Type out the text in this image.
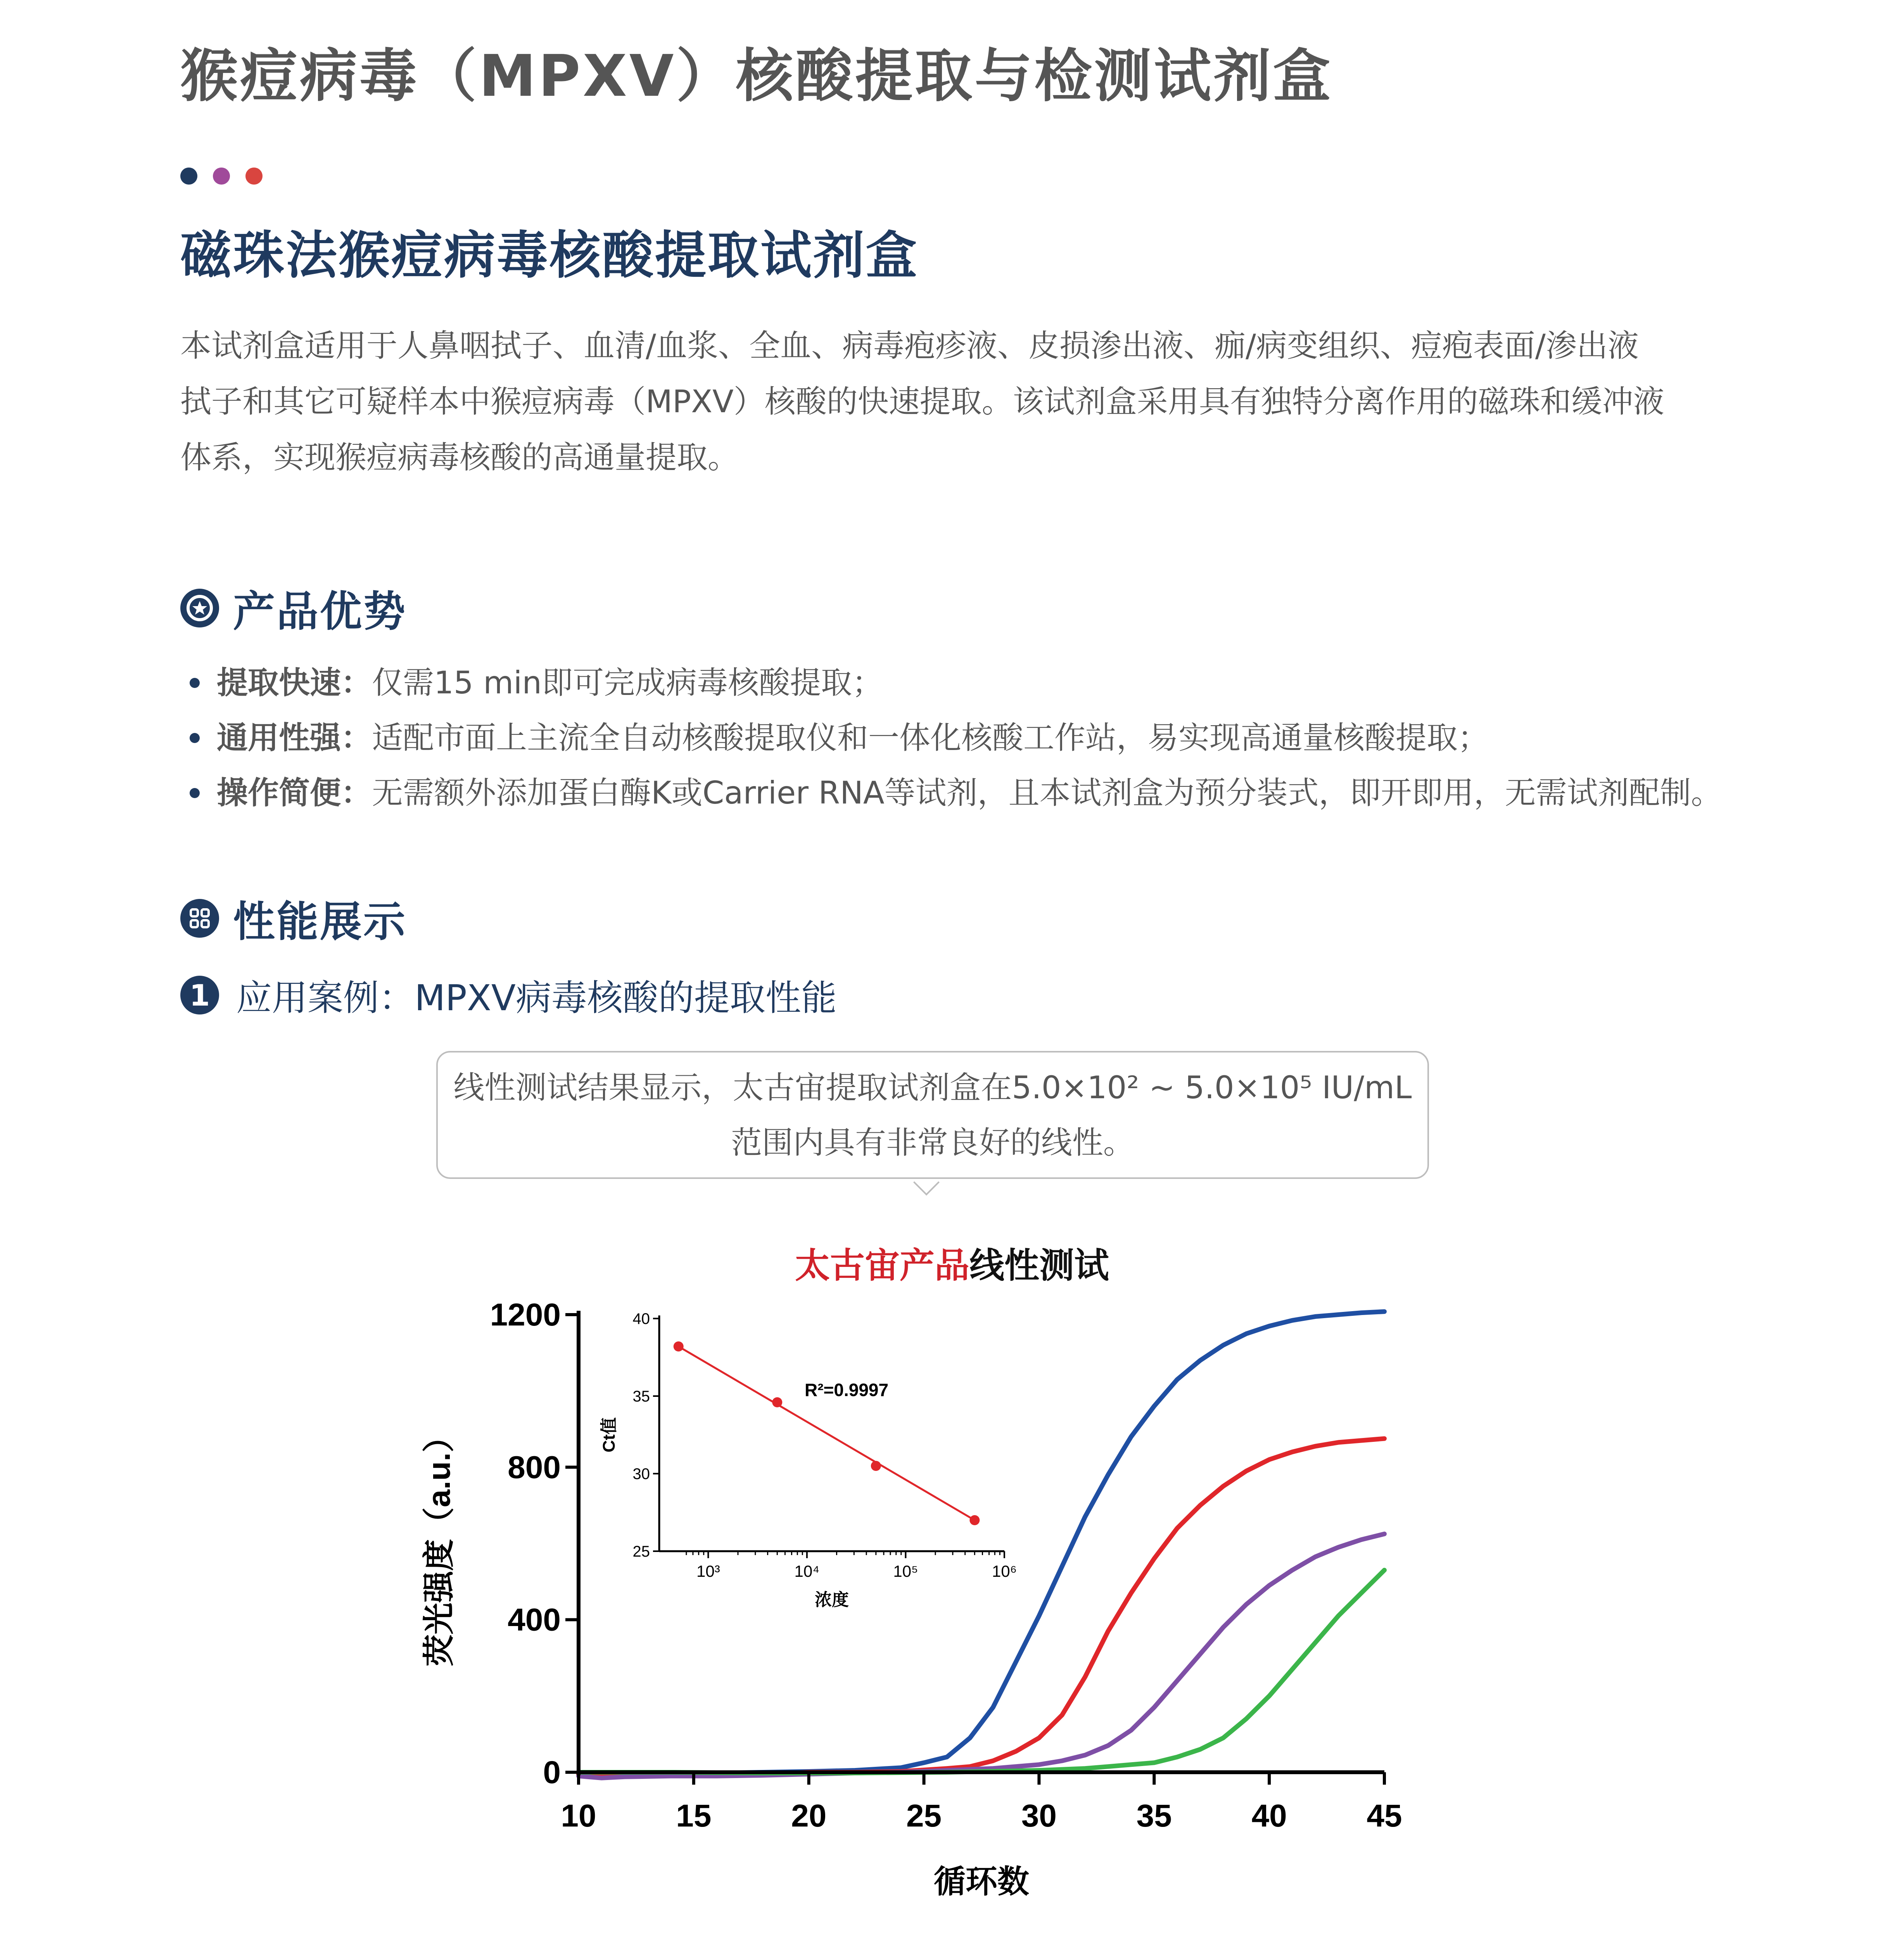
猴痘病毒（MPXV）核酸提取与检测试剂盒
磁珠法猴痘病毒核酸提取试剂盒
本试剂盒适用于人鼻咽拭子、血清/血浆、全血、病毒疱疹液、皮损渗出液、痂/病变组织、痘疱表面/渗出液
拭子和其它可疑样本中猴痘病毒（MPXV）核酸的快速提取。该试剂盒采用具有独特分离作用的磁珠和缓冲液
体系，实现猴痘病毒核酸的高通量提取。
产品优势
提取快速： 仅需15 min即可完成病毒核酸提取；
通用性强： 适配市面上主流全自动核酸提取仪和一体化核酸工作站，易实现高通量核酸提取；
操作简便： 无需额外添加蛋白酶K或Carrier RNA等试剂，且本试剂盒为预分装式，即开即用，无需试剂配制。
性能展示
1 应用案例：MPXV病毒核酸的提取性能
线性测试结果显示，太古宙提取试剂盒在5.0×10² ~ 5.0×10⁵ IU/mL
范围内具有非常良好的线性。
太古宙产品线性测试
0
400
800
1200
10	15	20	25	30	35	40	45
循环数
荧光强度（a.u.）	25
30
35
40
10³	10⁴	10⁵	10⁶
R²=0.9997
浓度
Ct值
